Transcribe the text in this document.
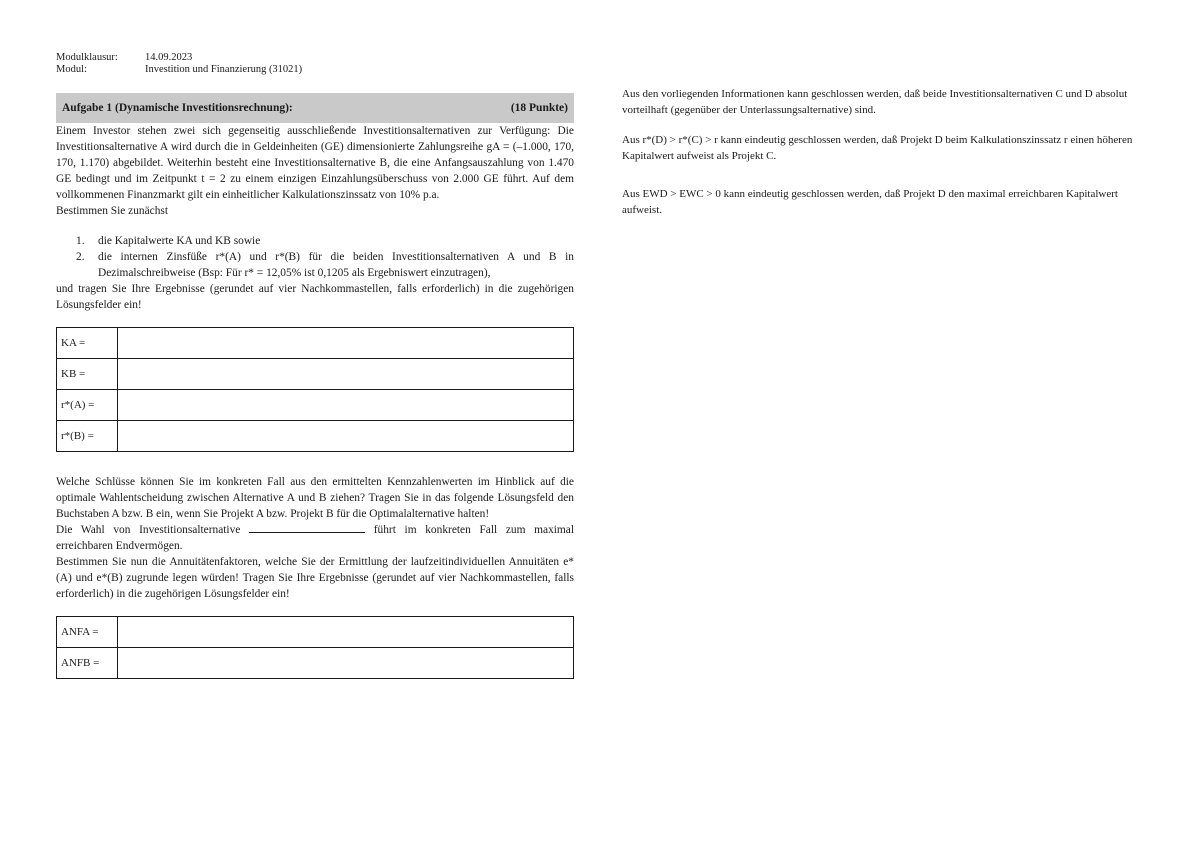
Modulklausur:	14.09.2023
Modul:	Investition und Finanzierung (31021)
Aufgabe 1 (Dynamische Investitionsrechnung):	(18 Punkte)

Einem Investor stehen zwei sich gegenseitig ausschließende Investitionsalternativen zur Verfügung: Die Investitionsalternative A wird durch die in Geldeinheiten (GE) dimensionierte Zahlungsreihe gA = (–1.000, 170, 170, 1.170) abgebildet. Weiterhin besteht eine Investitionsalternative B, die eine Anfangsauszahlung von 1.470 GE bedingt und im Zeitpunkt t = 2 zu einem einzigen Einzahlungsüberschuss von 2.000 GE führt. Auf dem vollkommenen Finanzmarkt gilt ein einheitlicher Kalkulationszinssatz von 10% p.a.

Bestimmen Sie zunächst

1.	die Kapitalwerte KA und KB sowie
2.	die internen Zinsfüße r*(A) und r*(B) für die beiden Investitionsalternativen A und B in Dezimalschreibweise (Bsp: Für r* = 12,05% ist 0,1205 als Ergebniswert einzutragen),

und tragen Sie Ihre Ergebnisse (gerundet auf vier Nachkommastellen, falls erforderlich) in die zugehörigen Lösungsfelder ein!

KA =	
KB =	
r*(A) =	
r*(B) =	

Welche Schlüsse können Sie im konkreten Fall aus den ermittelten Kennzahlenwerten im Hinblick auf die optimale Wahlentscheidung zwischen Alternative A und B ziehen? Tragen Sie in das folgende Lösungsfeld den Buchstaben A bzw. B ein, wenn Sie Projekt A bzw. Projekt B für die Optimalalternative halten!

Die Wahl von Investitionsalternative	führt im konkreten Fall zum maximal erreichbaren Endvermögen.

Bestimmen Sie nun die Annuitätenfaktoren, welche Sie der Ermittlung der laufzeitindividuellen Annuitäten e*(A) und e*(B) zugrunde legen würden! Tragen Sie Ihre Ergebnisse (gerundet auf vier Nachkommastellen, falls erforderlich) in die zugehörigen Lösungsfelder ein!

ANFA =	
ANFB =	

Aus den vorliegenden Informationen kann geschlossen werden, daß beide Investitionsalternativen C und D absolut vorteilhaft (gegenüber der Unterlassungsalternative) sind.

Aus r*(D) > r*(C) > r kann eindeutig geschlossen werden, daß Projekt D beim Kalkulationszinssatz r einen höheren Kapitalwert aufweist als Projekt C.

Aus EWD > EWC > 0 kann eindeutig geschlossen werden, daß Projekt D den maximal erreichbaren Kapitalwert aufweist.
